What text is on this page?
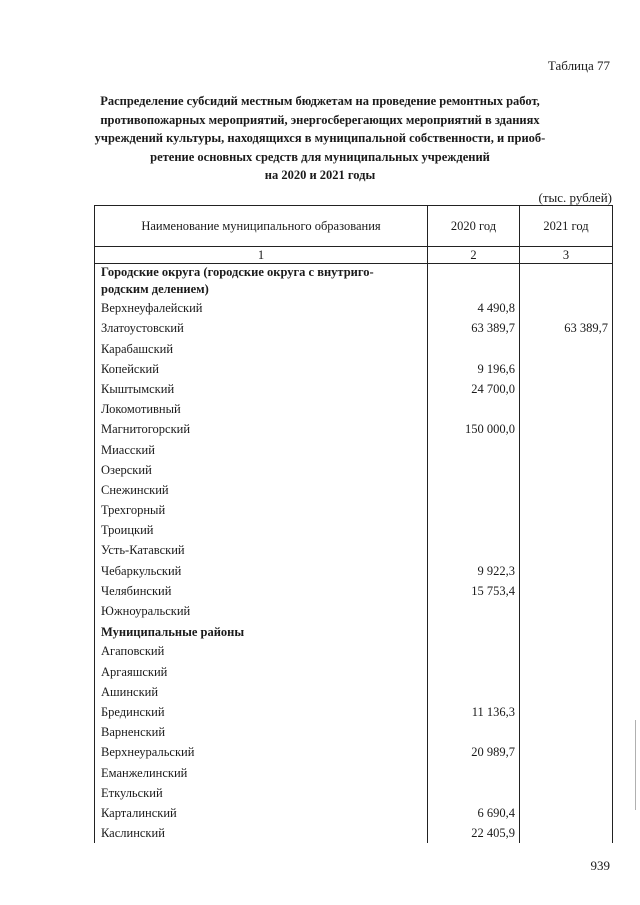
Таблица 77
Распределение субсидий местным бюджетам на проведение ремонтных работ,
противопожарных мероприятий, энергосберегающих мероприятий в зданиях
учреждений культуры, находящихся в муниципальной собственности, и приоб-
ретение основных средств для муниципальных учреждений
на 2020 и 2021 годы
(тыс. рублей)
Наименование муниципального образования	2020 год	2021 год
1	2	3
Городские округа (городские округа с внутриго-родским делением)		
Верхнеуфалейский	4 490,8	
Златоустовский	63 389,7	63 389,7
Карабашский		
Копейский	9 196,6	
Кыштымский	24 700,0	
Локомотивный		
Магнитогорский	150 000,0	
Миасский		
Озерский		
Снежинский		
Трехгорный		
Троицкий		
Усть-Катавский		
Чебаркульский	9 922,3	
Челябинский	15 753,4	
Южноуральский		
Муниципальные районы		
Агаповский		
Аргаяшский		
Ашинский		
Брединский	11 136,3	
Варненский		
Верхнеуральский	20 989,7	
Еманжелинский		
Еткульский		
Карталинский	6 690,4	
Каслинский	22 405,9	
939
